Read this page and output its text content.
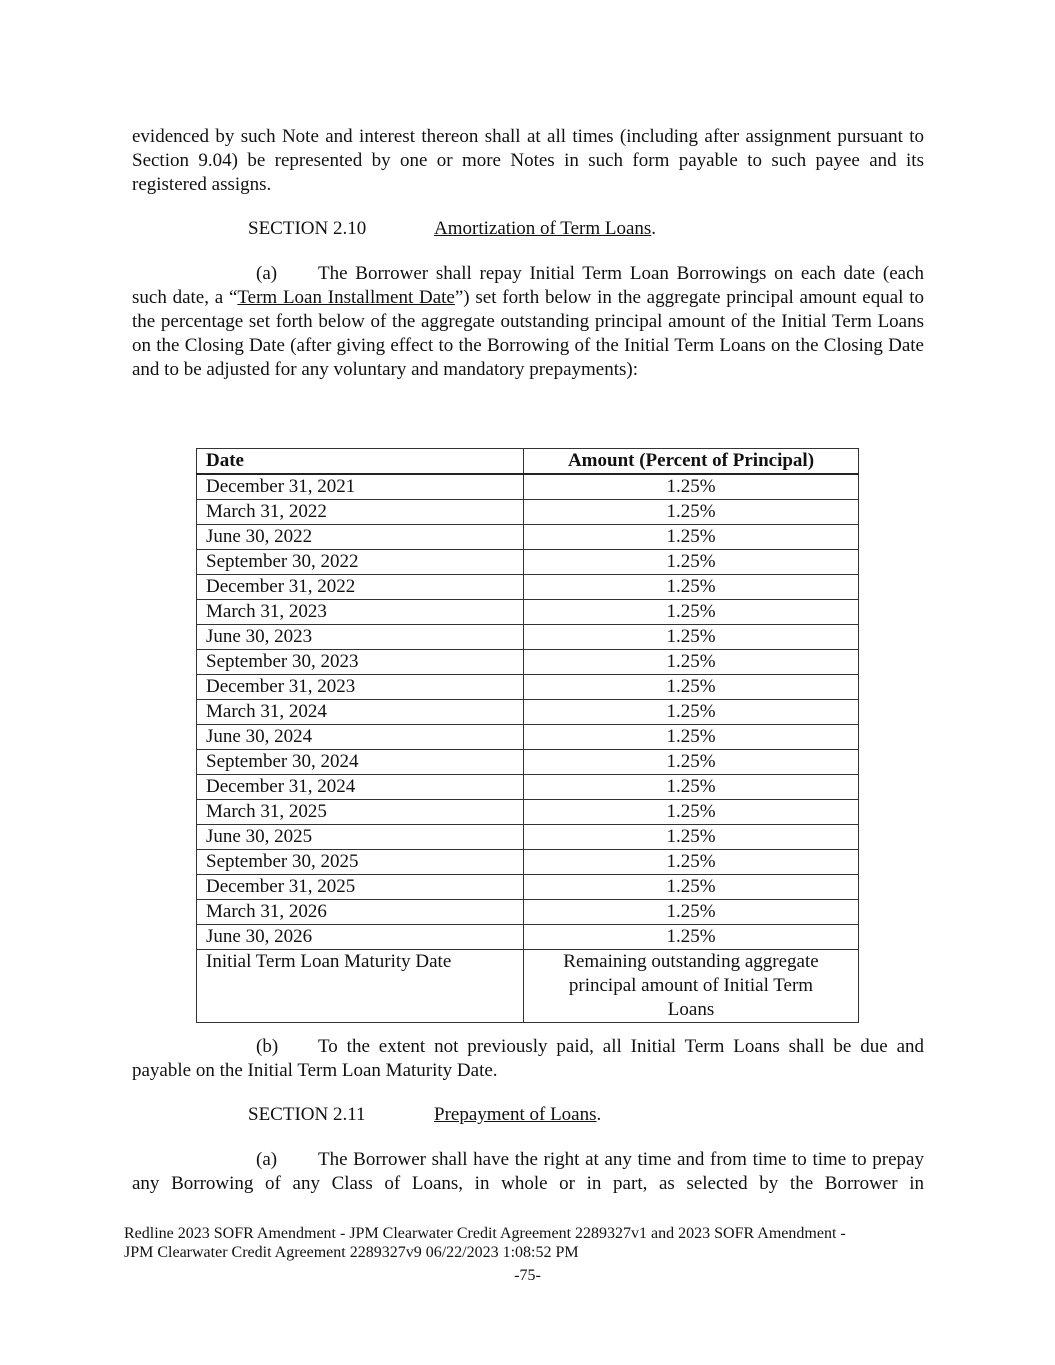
evidenced by such Note and interest thereon shall at all times (including after assignment pursuant to Section 9.04) be represented by one or more Notes in such form payable to such payee and its registered assigns.

SECTION 2.10	Amortization of Term Loans.

(a) The Borrower shall repay Initial Term Loan Borrowings on each date (each such date, a “Term Loan Installment Date”) set forth below in the aggregate principal amount equal to the percentage set forth below of the aggregate outstanding principal amount of the Initial Term Loans on the Closing Date (after giving effect to the Borrowing of the Initial Term Loans on the Closing Date and to be adjusted for any voluntary and mandatory prepayments):

Date	Amount (Percent of Principal)
December 31, 2021	1.25%
March 31, 2022	1.25%
June 30, 2022	1.25%
September 30, 2022	1.25%
December 31, 2022	1.25%
March 31, 2023	1.25%
June 30, 2023	1.25%
September 30, 2023	1.25%
December 31, 2023	1.25%
March 31, 2024	1.25%
June 30, 2024	1.25%
September 30, 2024	1.25%
December 31, 2024	1.25%
March 31, 2025	1.25%
June 30, 2025	1.25%
September 30, 2025	1.25%
December 31, 2025	1.25%
March 31, 2026	1.25%
June 30, 2026	1.25%
Initial Term Loan Maturity Date	Remaining outstanding aggregate principal amount of Initial Term Loans

(b) To the extent not previously paid, all Initial Term Loans shall be due and payable on the Initial Term Loan Maturity Date.

SECTION 2.11	Prepayment of Loans.

(a) The Borrower shall have the right at any time and from time to time to prepay any Borrowing of any Class of Loans, in whole or in part, as selected by the Borrower in

Redline 2023 SOFR Amendment - JPM Clearwater Credit Agreement 2289327v1 and 2023 SOFR Amendment -
JPM Clearwater Credit Agreement 2289327v9 06/22/2023 1:08:52 PM
-75-
